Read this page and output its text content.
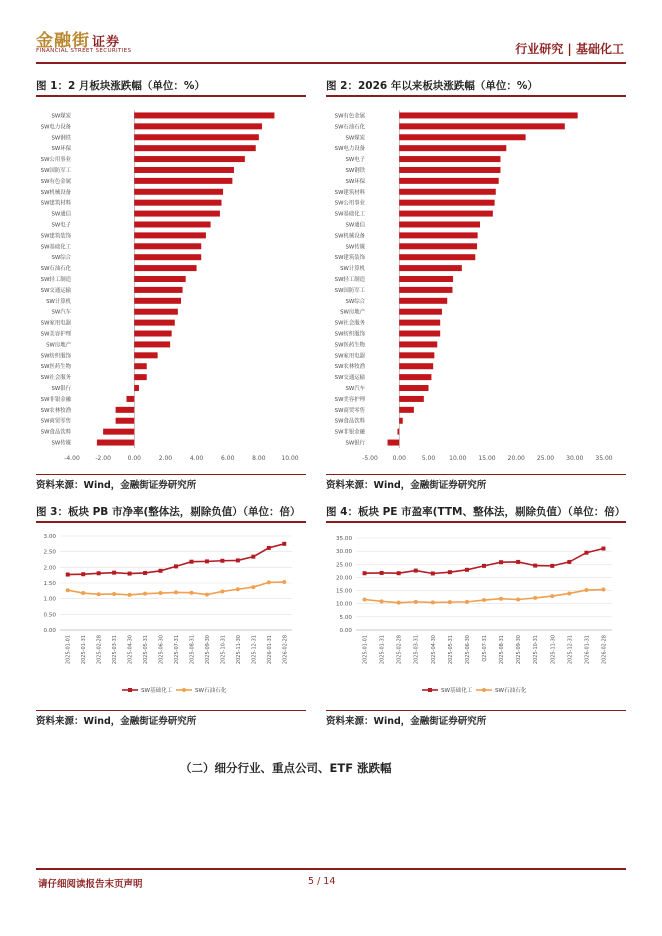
金融街 证券
FINANCIAL STREET SECURITIES	行业研究 | 基础化工
图 1：2 月板块涨跌幅（单位：%）
SW煤炭
SW电力设备
SW钢铁
SW环保
SW公用事业
SW国防军工
SW有色金属
SW机械设备
SW建筑材料
SW通信
SW电子
SW建筑装饰
SW基础化工
SW综合
SW石油石化
SW轻工制造
SW交通运输
SW计算机
SW汽车
SW家用电器
SW美容护理
SW房地产
SW纺织服饰
SW医药生物
SW社会服务
SW银行
SW非银金融
SW农林牧渔
SW商贸零售
SW食品饮料
SW传媒
-4.00	-2.00	0.00	2.00	4.00	6.00	8.00	10.00
资料来源：Wind，金融街证券研究所
图 2：2026 年以来板块涨跌幅（单位：%）
SW有色金属
SW石油石化
SW煤炭
SW电力设备
SW电子
SW钢铁
SW环保
SW建筑材料
SW公用事业
SW基础化工
SW通信
SW机械设备
SW传媒
SW建筑装饰
SW计算机
SW轻工制造
SW国防军工
SW综合
SW房地产
SW社会服务
SW纺织服饰
SW医药生物
SW家用电器
SW农林牧渔
SW交通运输
SW汽车
SW美容护理
SW商贸零售
SW食品饮料
SW非银金融
SW银行
-5.00 0.00	5.00 10.00 15.00 20.00 25.00 30.00 35.00
资料来源：Wind，金融街证券研究所
图 3：板块 PB 市净率(整体法，剔除负值）（单位：倍）
0.00
0.50
1.00
1.50
2.00
2.50
3.00
2025-01-01 2025-01-31 2025-02-28 2025-03-31 2025-04-30 2025-05-31 2025-06-30 2025-07-31 2025-08-31 2025-09-30 2025-10-31 2025-11-30 2025-12-31 2026-01-31 2026-02-28
SW基础化工	SW石油石化
资料来源：Wind，金融街证券研究所
图 4：板块 PE 市盈率(TTM、整体法，剔除负值）（单位：倍）
0.00
5.00
10.00
15.00
20.00
25.00
30.00
35.00
2025-01-01 2025-01-31 2025-02-28 2025-03-31 2025-04-30 2025-05-31 2025-06-30 Q25-07-31 2025-08-31 2025-09-30 2025-10-31 2025-11-30 2025-12-31 2026-01-31 2026-02-28
SW基础化工	SW石油石化
资料来源：Wind，金融街证券研究所
（二）细分行业、重点公司、ETF 涨跌幅
请仔细阅读报告末页声明	5 / 14
